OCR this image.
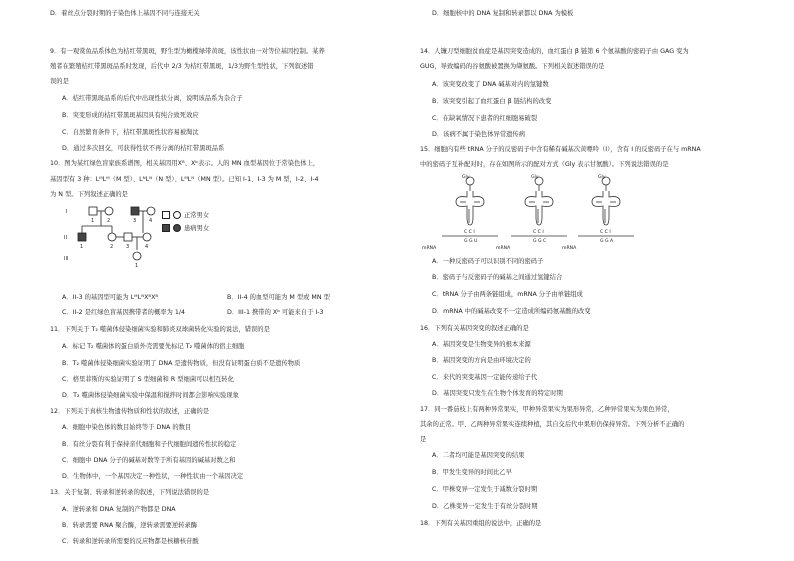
D．着丝点分裂时期的子染色体上基因不同与连接无关
9．有一观赏鱼品系体色为桔红带黑斑，野生型为橄榄绿带黄斑，该性状由一对等位基因控制。某养
殖者在繁殖桔红带黑斑品系时发现，后代中 2/3 为桔红带黑斑，1/3为野生型性状，下列叙述错
误的是
A．桔红带黑斑品系的后代中出现性状分离，说明该品系为杂合子
B．突变形成的桔红带黑斑基因具有纯合致死效应
C．自然繁育条件下，桔红带黑斑性状容易被淘汰
D．通过多次回交，可获得性状不再分离的桔红带黑斑品系
10．图为某红绿色盲家族系谱图，相关基因用Xᴮ、Xᵇ表示。人的 MN 血型基因位于常染色体上，
基因型有 3 种：LᴹLᴹ（M 型）、LᴺLᴺ（N 型）、LᴹLᴺ（MN 型）。已知 I-1、I-3 为 M 型，I-2、I-4
为 N 型。下列叙述正确的是
I
II
III
1	2	3	4
1	2	3	4
1
正常男女
患病男女
A．II-3 的基因型可能为 LᴹLᴺXᴮXᴮ	B．II-4 的血型可能为 M 型或 MN 型
C．II-2 是红绿色盲基因携带者的概率为 1/4	D．III-1 携带的 Xᵇ 可能来自于 I-3
11．下列关于 T₂ 噬菌体侵染细菌实验和肺炎双球菌转化实验的说法，错误的是
A．标记 T₂ 噬菌体的蛋白质外壳需要先标记 T₂ 噬菌体的宿主细胞
B．T₂ 噬菌体侵染细菌实验证明了 DNA 是遗传物质，但没有证明蛋白质不是遗传物质
C．格里菲斯的实验证明了 S 型细菌和 R 型细菌可以相互转化
D．T₂ 噬菌体侵染细菌实验中保温和搅拌时间都会影响实验现象
12．下列关于真核生物遗传物质和性状的叙述，正确的是
A．细胞中染色体的数目始终等于 DNA 的数目
B．有丝分裂有利于保持亲代细胞和子代细胞间遗传性状的稳定
C．细胞中 DNA 分子的碱基对数等于所有基因的碱基对数之和
D．生物体中，一个基因决定一种性状，一种性状由一个基因决定
13．关于复制、转录和逆转录的叙述，下列说法错误的是
A．逆转录和 DNA 复制的产物都是 DNA
B．转录需要 RNA 聚合酶，逆转录需要逆转录酶
C．转录和逆转录所需要的反应物都是核糖核苷酸
D．细胞核中的 DNA 复制和转录都以 DNA 为模板
14．人镰刀型细胞贫血症是基因突变造成的，血红蛋白 β 链第 6 个氨基酸的密码子由 GAG 变为
GUG，导致编码的谷氨酸被置换为缬氨酸。下列相关叙述错误的是
A．该突变改变了 DNA 碱基对内的氢键数
B．该突变引起了血红蛋白 β 链结构的改变
C．在缺氧情况下患者的红细胞易破裂
D．该病不属于染色体异常遗传病
15．细胞内有些 tRNA 分子的反密码子中含有稀有碱基次黄嘌呤（I），含有 I 的反密码子在与 mRNA
中的密码子互补配对时，存在如图所示的配对方式（Gly 表示甘氨酸）。下列说法错误的是
Gly	Gly	Gly
C C I
G G U
C C I
G G C
C C I
G G A
mRNA	mRNA	mRNA
A．一种反密码子可以识别不同的密码子
B．密码子与反密码子的碱基之间通过氢键结合
C．tRNA 分子由两条链组成，mRNA 分子由单链组成
D．mRNA 中的碱基改变不一定造成所编码氨基酸的改变
16．下列有关基因突变的叙述正确的是
A．基因突变是生物变异的根本来源
B．基因突变的方向是由环境决定的
C．来代的突变基因一定能传递给子代
D．基因突变只发生在生物个体发育的特定时期
17．同一番茄枝上有两种异常果实，甲种异常果实为果形异常，乙种异常果实为果色异常，
其余的正常。甲、乙两种异常果实连续种植，其自交后代中果形仍保持异常。下列分析不正确的
是
A．二者均可能是基因突变的结果
B．甲发生变异的时间比乙早
C．甲株变异一定发生于减数分裂时期
D．乙株变异一定发生于有丝分裂时期
18．下列有关基因重组的说法中，正确的是
